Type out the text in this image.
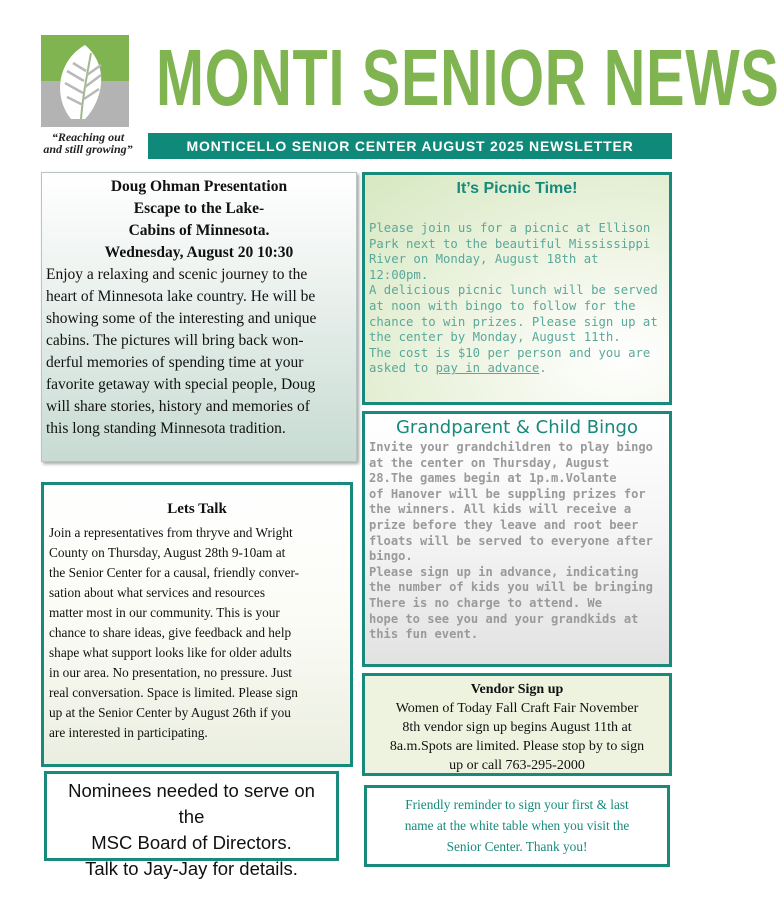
MONTI SENIOR NEWS
“Reaching out
and still growing”	MONTICELLO SENIOR CENTER AUGUST 2025 NEWSLETTER
Doug Ohman Presentation
Escape to the Lake-
Cabins of Minnesota.
Wednesday, August 20 10:30
Enjoy a relaxing and scenic journey to the
heart of Minnesota lake country. He will be
showing some of the interesting and unique
cabins. The pictures will bring back won-
derful memories of spending time at your
favorite getaway with special people, Doug
will share stories, history and memories of
this long standing Minnesota tradition.
It’s Picnic Time!
Please join us for a picnic at Ellison
Park next to the beautiful Mississippi
River on Monday, August 18th at
12:00pm.
A delicious picnic lunch will be served
at noon with bingo to follow for the
chance to win prizes. Please sign up at
the center by Monday, August 11th.
The cost is $10 per person and you are
asked to pay in advance.
Grandparent & Child Bingo
Invite your grandchildren to play bingo
at the center on Thursday, August
28.The games begin at 1p.m.Volante
of Hanover will be suppling prizes for
the winners. All kids will receive a
prize before they leave and root beer
floats will be served to everyone after
bingo.
Please sign up in advance, indicating
the number of kids you will be bringing
There is no charge to attend. We
hope to see you and your grandkids at
this fun event.
Lets Talk
Join a representatives from thryve and Wright
County on Thursday, August 28th 9-10am at
the Senior Center for a causal, friendly conver-
sation about what services and resources
matter most in our community. This is your
chance to share ideas, give feedback and help
shape what support looks like for older adults
in our area. No presentation, no pressure. Just
real conversation. Space is limited. Please sign
up at the Senior Center by August 26th if you
are interested in participating.
Vendor Sign up
Women of Today Fall Craft Fair November
8th vendor sign up begins August 11th at
8a.m.Spots are limited. Please stop by to sign
up or call 763-295-2000
Nominees needed to serve on the
MSC Board of Directors.
Talk to Jay-Jay for details.
Friendly reminder to sign your first & last
name at the white table when you visit the
Senior Center. Thank you!
